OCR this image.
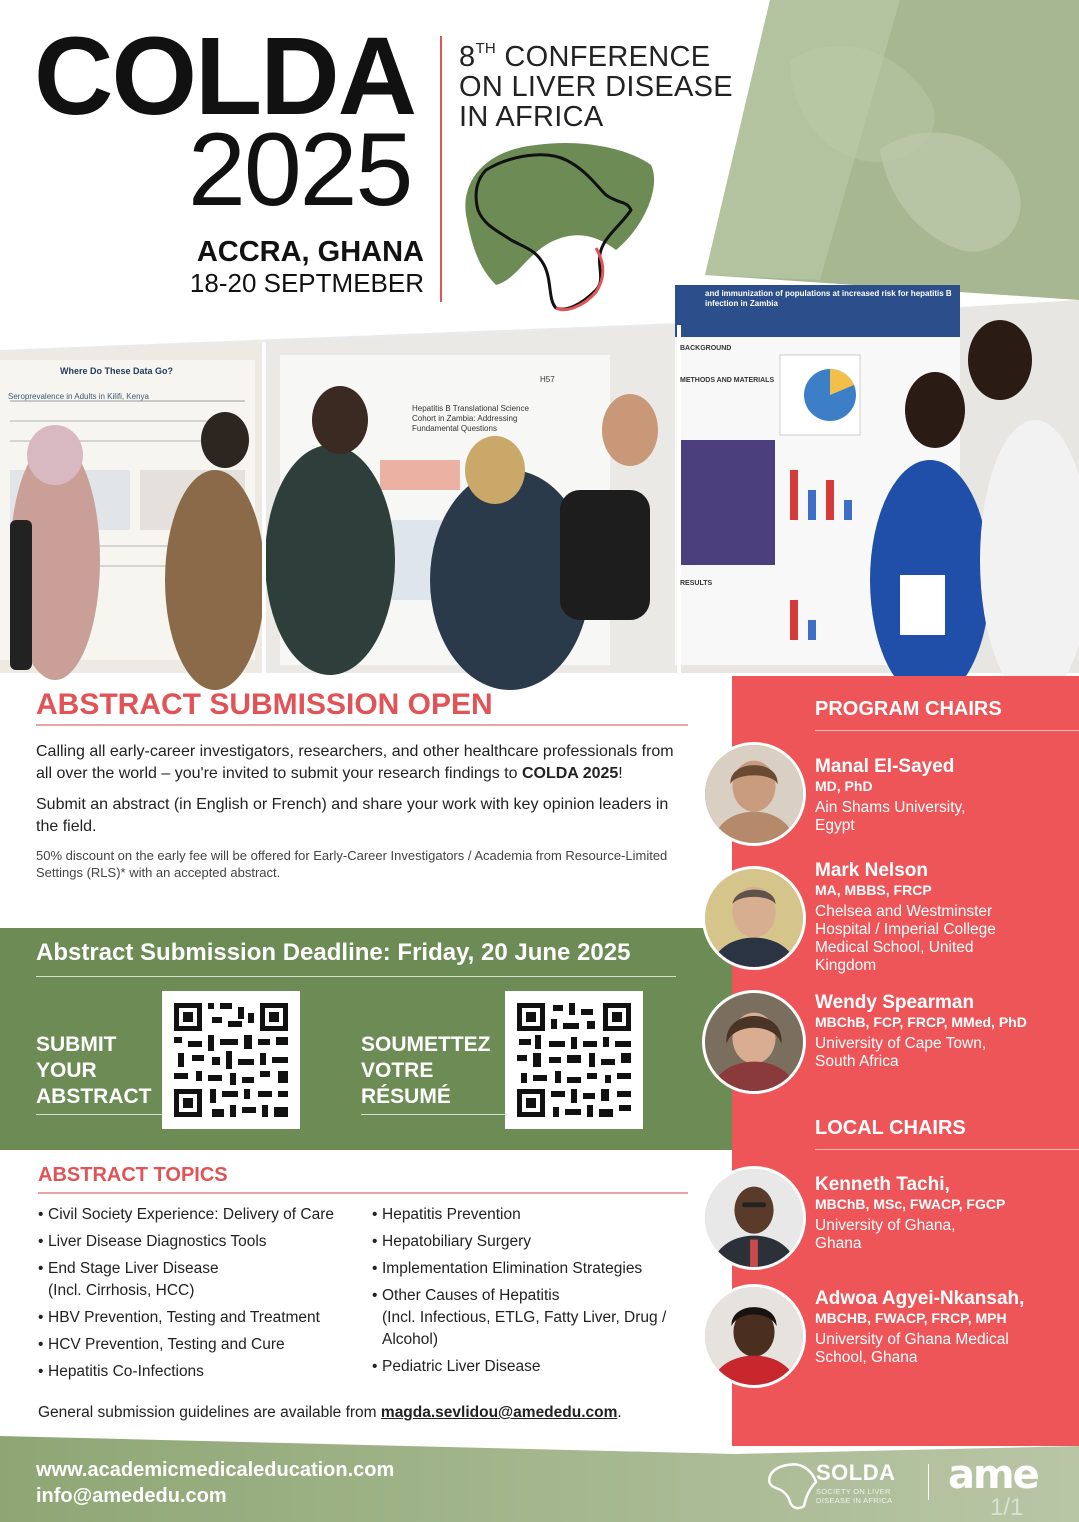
COLDA
2025
ACCRA, GHANA
18-20 SEPTMEBER
8TH CONFERENCE
ON LIVER DISEASE
IN AFRICA
Where Do These Data Go?
Seroprevalence in Adults in Kilifi, Kenya
Hepatitis B Translational Science Cohort in Zambia: Addressing Fundamental Questions
H57
and immunization of populations at increased risk for hepatitis B infection in Zambia
BACKGROUND
METHODS AND MATERIALS
RESULTS
ABSTRACT SUBMISSION OPEN

Calling all early-career investigators, researchers, and other healthcare professionals from all over the world – you're invited to submit your research findings to COLDA 2025!

Submit an abstract (in English or French) and share your work with key opinion leaders in the field.

50% discount on the early fee will be offered for Early-Career Investigators / Academia from Resource-Limited Settings (RLS)* with an accepted abstract.

Abstract Submission Deadline: Friday, 20 June 2025
SUBMIT
YOUR
ABSTRACT
SOUMETTEZ
VOTRE
RÉSUMÉ
ABSTRACT TOPICS
• Civil Society Experience: Delivery of Care
• Liver Disease Diagnostics Tools
• End Stage Liver Disease
(Incl. Cirrhosis, HCC)
• HBV Prevention, Testing and Treatment
• HCV Prevention, Testing and Cure
• Hepatitis Co-Infections
• Hepatitis Prevention
• Hepatobiliary Surgery
• Implementation Elimination Strategies
• Other Causes of Hepatitis
(Incl. Infectious, ETLG, Fatty Liver, Drug / Alcohol)
• Pediatric Liver Disease
General submission guidelines are available from magda.sevlidou@amededu.com.
PROGRAM CHAIRS
Manal El-Sayed
MD, PhD
Ain Shams University, Egypt
Mark Nelson
MA, MBBS, FRCP
Chelsea and Westminster Hospital / Imperial College Medical School, United Kingdom
Wendy Spearman
MBChB, FCP, FRCP, MMed, PhD
University of Cape Town, South Africa
LOCAL CHAIRS
Kenneth Tachi,
MBChB, MSc, FWACP, FGCP
University of Ghana, Ghana
Adwoa Agyei-Nkansah,
MBCHB, FWACP, FRCP, MPH
University of Ghana Medical School, Ghana
www.academicmedicaleducation.com
info@amededu.com
SOLDA
SOCIETY ON LIVER DISEASE IN AFRICA
ame
1/1
